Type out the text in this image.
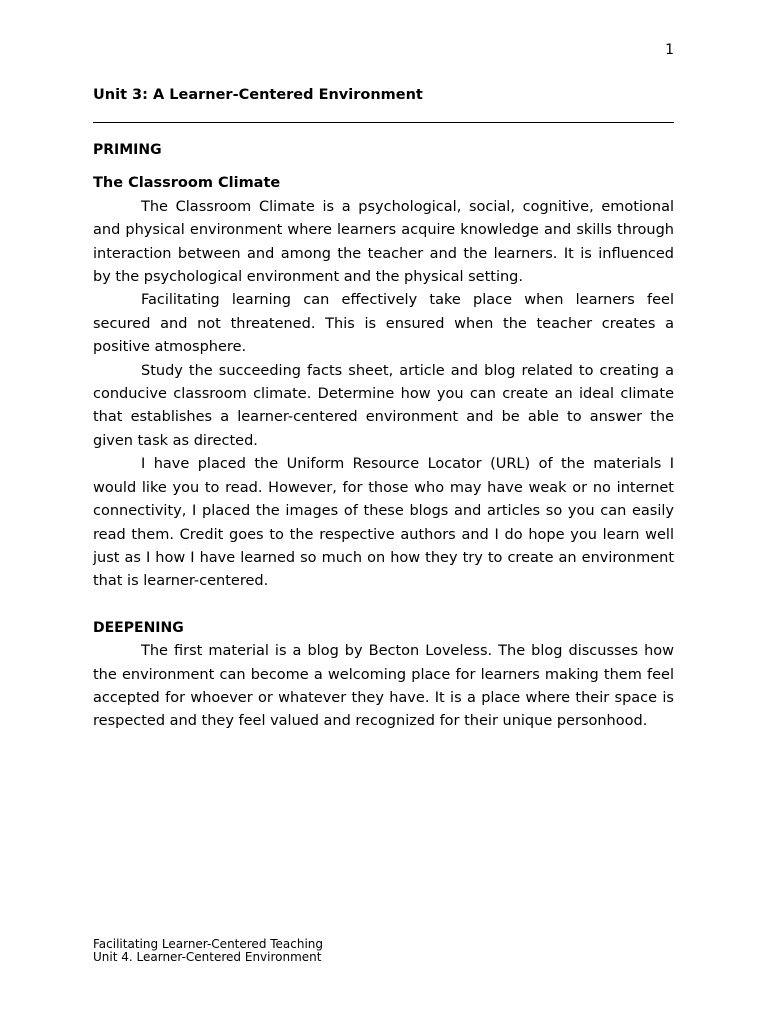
1
Unit 3: A Learner-Centered Environment
PRIMING
The Classroom Climate

The Classroom Climate is a psychological, social, cognitive, emotional and physical environment where learners acquire knowledge and skills through interaction between and among the teacher and the learners. It is influenced by the psychological environment and the physical setting.

Facilitating learning can effectively take place when learners feel secured and not threatened. This is ensured when the teacher creates a positive atmosphere.

Study the succeeding facts sheet, article and blog related to creating a conducive classroom climate. Determine how you can create an ideal climate that establishes a learner-centered environment and be able to answer the given task as directed.

I have placed the Uniform Resource Locator (URL) of the materials I would like you to read. However, for those who may have weak or no internet connectivity, I placed the images of these blogs and articles so you can easily read them. Credit goes to the respective authors and I do hope you learn well just as I how I have learned so much on how they try to create an environment that is learner-centered.

DEEPENING

The first material is a blog by Becton Loveless. The blog discusses how the environment can become a welcoming place for learners making them feel accepted for whoever or whatever they have. It is a place where their space is respected and they feel valued and recognized for their unique personhood.

Facilitating Learner-Centered Teaching
Unit 4. Learner-Centered Environment
